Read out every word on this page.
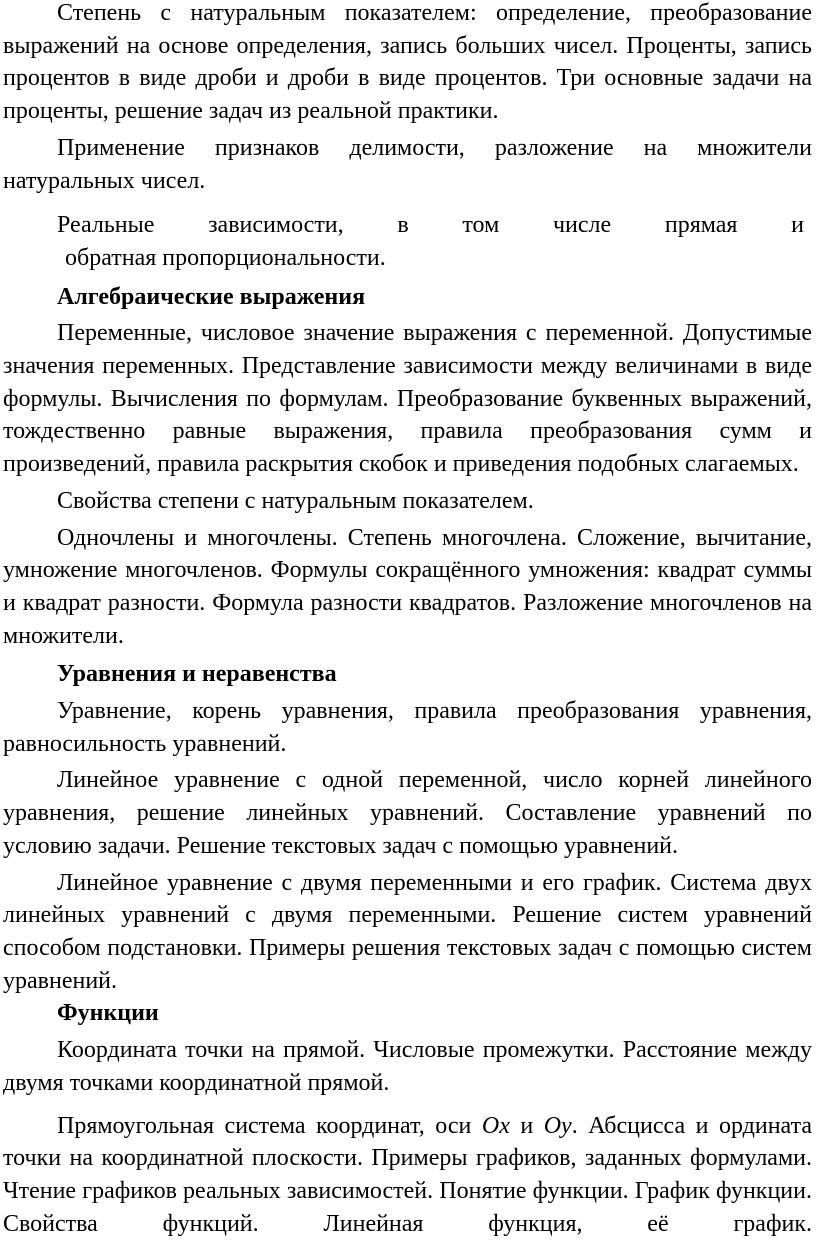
Степень с натуральным показателем: определение, преобразование выражений на основе определения, запись больших чисел. Проценты, запись процентов в виде дроби и дроби в виде процентов. Три основные задачи на проценты, решение задач из реальной практики.

Применение признаков делимости, разложение на множители натуральных чисел.

Реальные зависимости, в том числе прямая и
обратная пропорциональности.

Алгебраические выражения

Переменные, числовое значение выражения с переменной. Допустимые значения переменных. Представление зависимости между величинами в виде формулы. Вычисления по формулам. Преобразование буквенных выражений, тождественно равные выражения, правила преобразования сумм и произведений, правила раскрытия скобок и приведения подобных слагаемых.

Свойства степени с натуральным показателем.

Одночлены и многочлены. Степень многочлена. Сложение, вычитание, умножение многочленов. Формулы сокращённого умножения: квадрат суммы и квадрат разности. Формула разности квадратов. Разложение многочленов на множители.

Уравнения и неравенства

Уравнение, корень уравнения, правила преобразования уравнения, равносильность уравнений.

Линейное уравнение с одной переменной, число корней линейного уравнения, решение линейных уравнений. Составление уравнений по условию задачи. Решение текстовых задач с помощью уравнений.

Линейное уравнение с двумя переменными и его график. Система двух линейных уравнений с двумя переменными. Решение систем уравнений способом подстановки. Примеры решения текстовых задач с помощью систем уравнений.

Функции

Координата точки на прямой. Числовые промежутки. Расстояние между двумя точками координатной прямой.

Прямоугольная система координат, оси Ox и Oy. Абсцисса и ордината точки на координатной плоскости. Примеры графиков, заданных формулами. Чтение графиков реальных зависимостей. Понятие функции. График функции. Свойства функций. Линейная функция, её график.
